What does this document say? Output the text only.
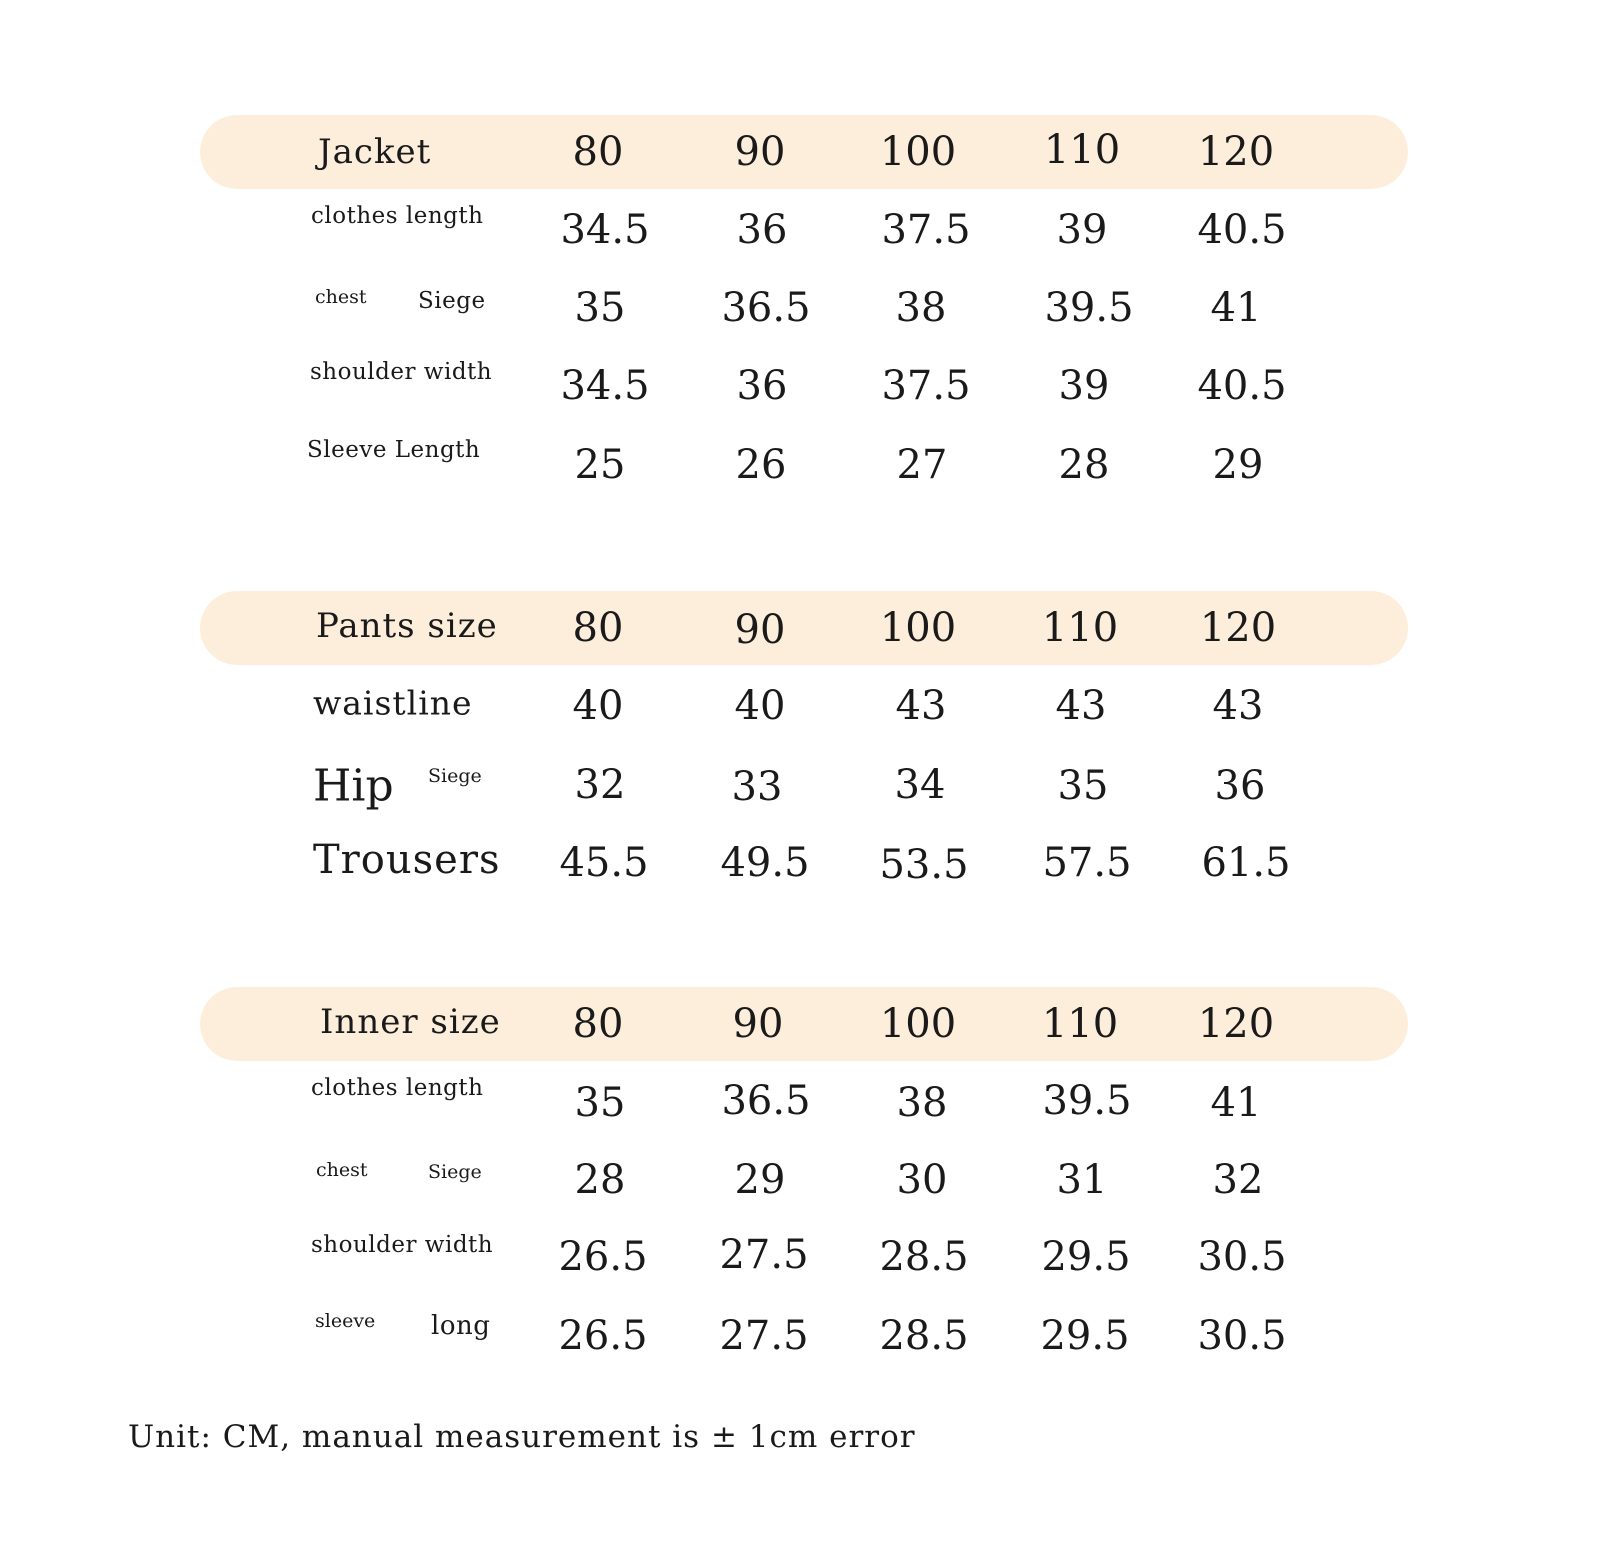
Jacket	80	90 100 110 120
clothes length 34.5 36 37.5 39 40.5
chest Siege 35 36.5 38 39.5 41
shoulder width 34.5 36 37.5 39 40.5
Sleeve Length 25	26	27	28	29
Pants size 80	90 100 110 120
waistline 40	40	43	43	43
Hip Siege 32	33	34	35	36
Trousers 45.5 49.5 53.5 57.5 61.5
Inner size 80	90 100 110 120
clothes length 35 36.5 38 39.5 41
chest	Siege 28	29	30	31	32
shoulder width 26.5 27.5 28.5 29.5 30.5
sleeve long 26.5 27.5 28.5 29.5 30.5
Unit: CM, manual measurement is ± 1cm error
